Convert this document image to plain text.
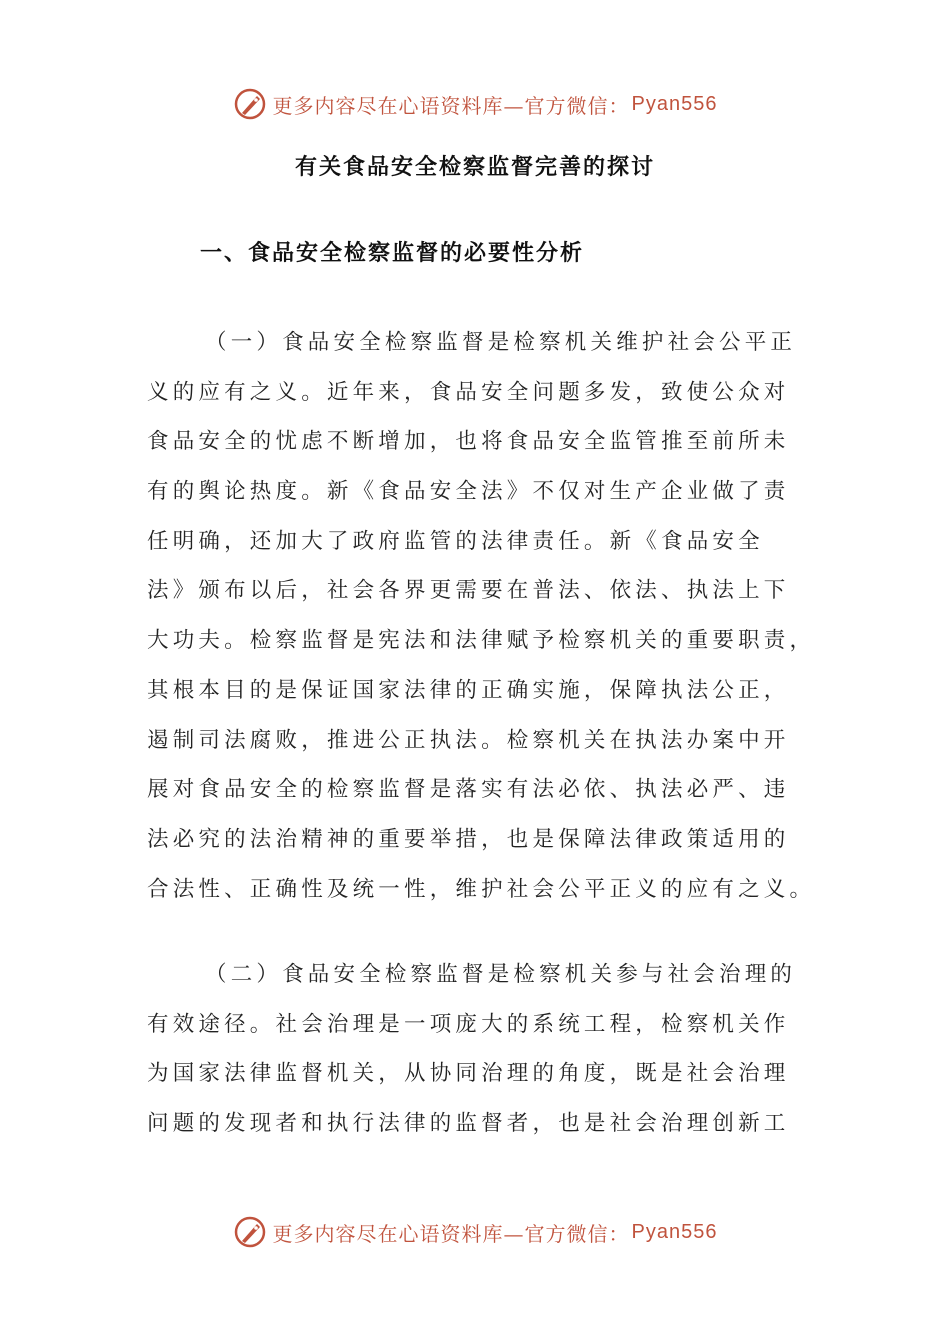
更多内容尽在心语资料库—官方微信： Pyan556
有关食品安全检察监督完善的探讨
一、食品安全检察监督的必要性分析
（一）食品安全检察监督是检察机关维护社会公平正
义的应有之义。近年来，食品安全问题多发，致使公众对
食品安全的忧虑不断增加，也将食品安全监管推至前所未
有的舆论热度。新《食品安全法》不仅对生产企业做了责
任明确，还加大了政府监管的法律责任。新《食品安全
法》颁布以后，社会各界更需要在普法、依法、执法上下
大功夫。检察监督是宪法和法律赋予检察机关的重要职责，
其根本目的是保证国家法律的正确实施，保障执法公正，
遏制司法腐败，推进公正执法。检察机关在执法办案中开
展对食品安全的检察监督是落实有法必依、执法必严、违
法必究的法治精神的重要举措，也是保障法律政策适用的
合法性、正确性及统一性，维护社会公平正义的应有之义。
（二）食品安全检察监督是检察机关参与社会治理的
有效途径。社会治理是一项庞大的系统工程，检察机关作
为国家法律监督机关，从协同治理的角度，既是社会治理
问题的发现者和执行法律的监督者，也是社会治理创新工
更多内容尽在心语资料库—官方微信： Pyan556
